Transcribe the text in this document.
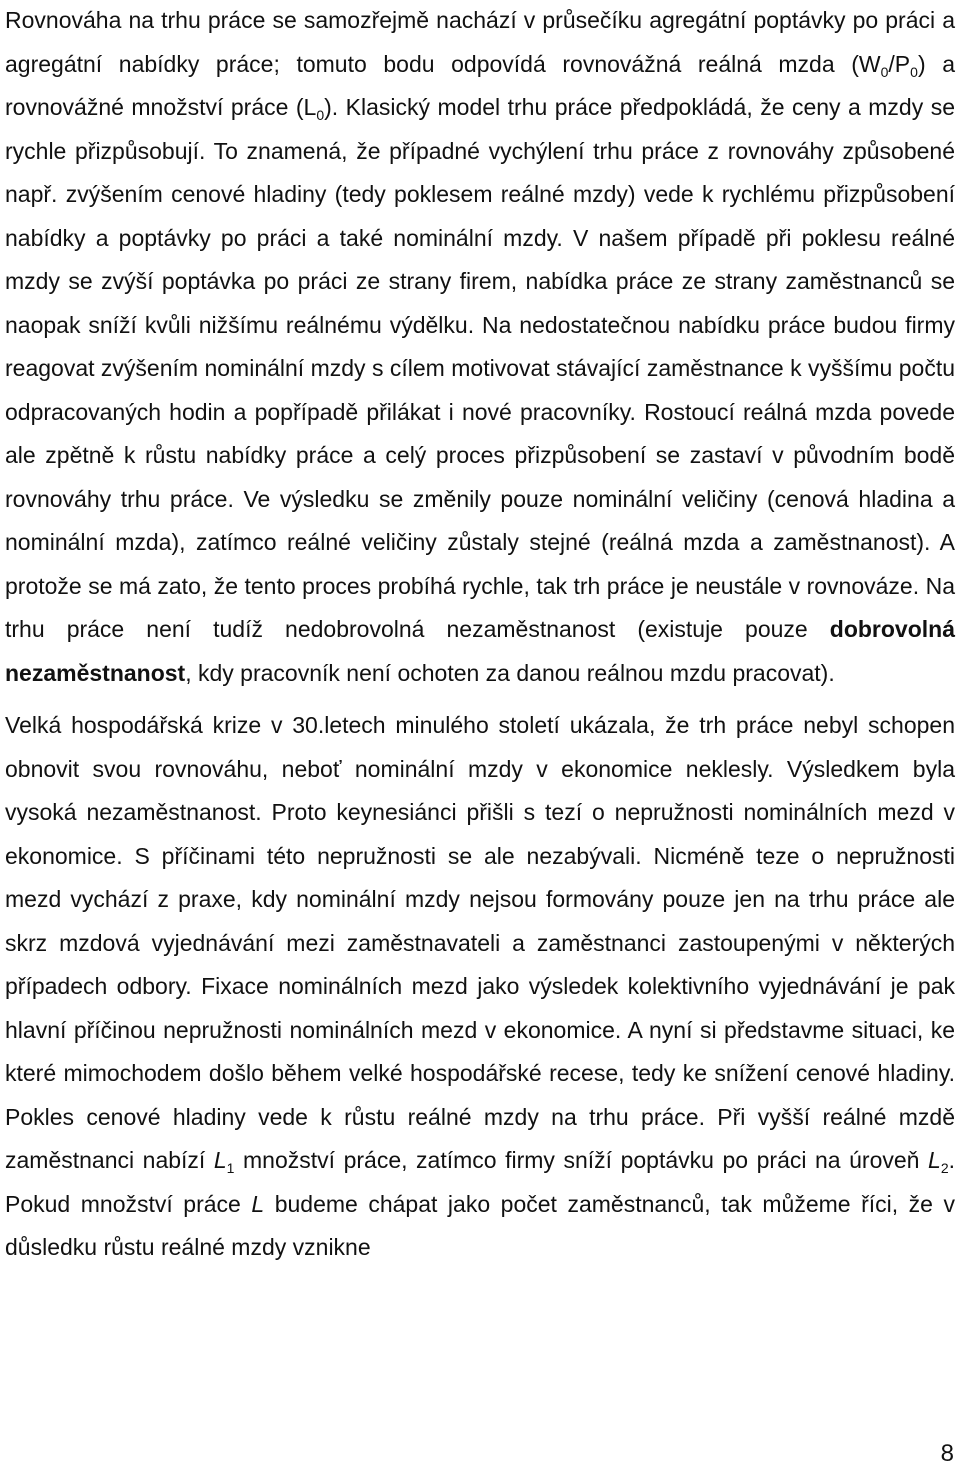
Rovnováha na trhu práce se samozřejmě nachází v průsečíku agregátní poptávky po práci a agregátní nabídky práce; tomuto bodu odpovídá rovnovážná reálná mzda $(W_0/P_0)$ a rovnovážné množství práce $(L_0)$. Klasický model trhu práce předpokládá, že ceny a mzdy se rychle přizpůsobují. To znamená, že případné vychýlení trhu práce z rovnováhy způsobené např. zvýšením cenové hladiny (tedy poklesem reálné mzdy) vede k rychlému přizpůsobení nabídky a poptávky po práci a také nominální mzdy. V našem případě při poklesu reálné mzdy se zvýší poptávka po práci ze strany firem, nabídka práce ze strany zaměstnanců se naopak sníží kvůli nižšímu reálnému výdělku. Na nedostatečnou nabídku práce budou firmy reagovat zvýšením nominální mzdy s cílem motivovat stávající zaměstnance k vyššímu počtu odpracovaných hodin a popřípadě přilákat i nové pracovníky. Rostoucí reálná mzda povede ale zpětně k růstu nabídky práce a celý proces přizpůsobení se zastaví v původním bodě rovnováhy trhu práce. Ve výsledku se změnily pouze nominální veličiny (cenová hladina a nominální mzda), zatímco reálné veličiny zůstaly stejné (reálná mzda a zaměstnanost). A protože se má zato, že tento proces probíhá rychle, tak trh práce je neustále v rovnováze. Na trhu práce není tudíž nedobrovolná nezaměstnanost (existuje pouze dobrovolná nezaměstnanost, kdy pracovník není ochoten za danou reálnou mzdu pracovat).

Velká hospodářská krize v 30.letech minulého století ukázala, že trh práce nebyl schopen obnovit svou rovnováhu, neboť nominální mzdy v ekonomice neklesly. Výsledkem byla vysoká nezaměstnanost. Proto keynesiánci přišli s tezí o nepružnosti nominálních mezd v ekonomice. S příčinami této nepružnosti se ale nezabývali. Nicméně teze o nepružnosti mezd vychází z praxe, kdy nominální mzdy nejsou formovány pouze jen na trhu práce ale skrz mzdová vyjednávání mezi zaměstnavateli a zaměstnanci zastoupenými v některých případech odbory. Fixace nominálních mezd jako výsledek kolektivního vyjednávání je pak hlavní příčinou nepružnosti nominálních mezd v ekonomice. A nyní si představme situaci, ke které mimochodem došlo během velké hospodářské recese, tedy ke snížení cenové hladiny. Pokles cenové hladiny vede k růstu reálné mzdy na trhu práce. Při vyšší reálné mzdě zaměstnanci nabízí $L_1$ množství práce, zatímco firmy sníží poptávku po práci na úroveň $L_2$. Pokud množství práce L budeme chápat jako počet zaměstnanců, tak můžeme říci, že v důsledku růstu reálné mzdy vznikne

8
